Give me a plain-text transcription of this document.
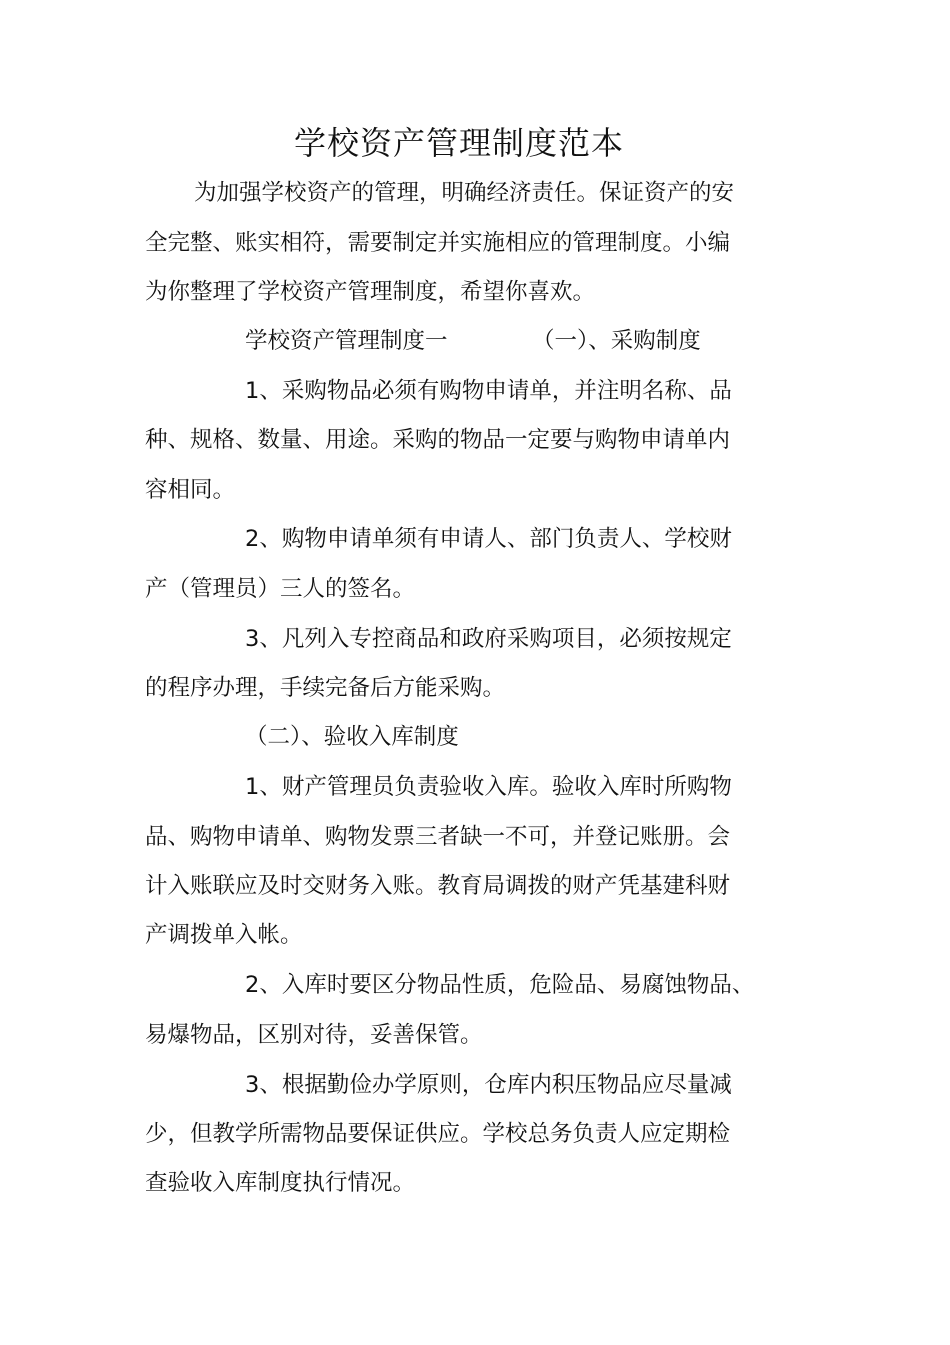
学校资产管理制度范本
为加强学校资产的管理，明确经济责任。保证资产的安
全完整、账实相符，需要制定并实施相应的管理制度。小编
为你整理了学校资产管理制度，希望你喜欢。
学校资产管理制度一	（一）、采购制度
1、采购物品必须有购物申请单，并注明名称、品
种、规格、数量、用途。采购的物品一定要与购物申请单内
容相同。
2、购物申请单须有申请人、部门负责人、学校财
产（管理员）三人的签名。
3、凡列入专控商品和政府采购项目，必须按规定
的程序办理，手续完备后方能采购。
（二）、验收入库制度
1、财产管理员负责验收入库。验收入库时所购物
品、购物申请单、购物发票三者缺一不可，并登记账册。会
计入账联应及时交财务入账。教育局调拨的财产凭基建科财
产调拨单入帐。
2、入库时要区分物品性质，危险品、易腐蚀物品、
易爆物品，区别对待，妥善保管。
3、根据勤俭办学原则，仓库内积压物品应尽量减
少，但教学所需物品要保证供应。学校总务负责人应定期检
查验收入库制度执行情况。
